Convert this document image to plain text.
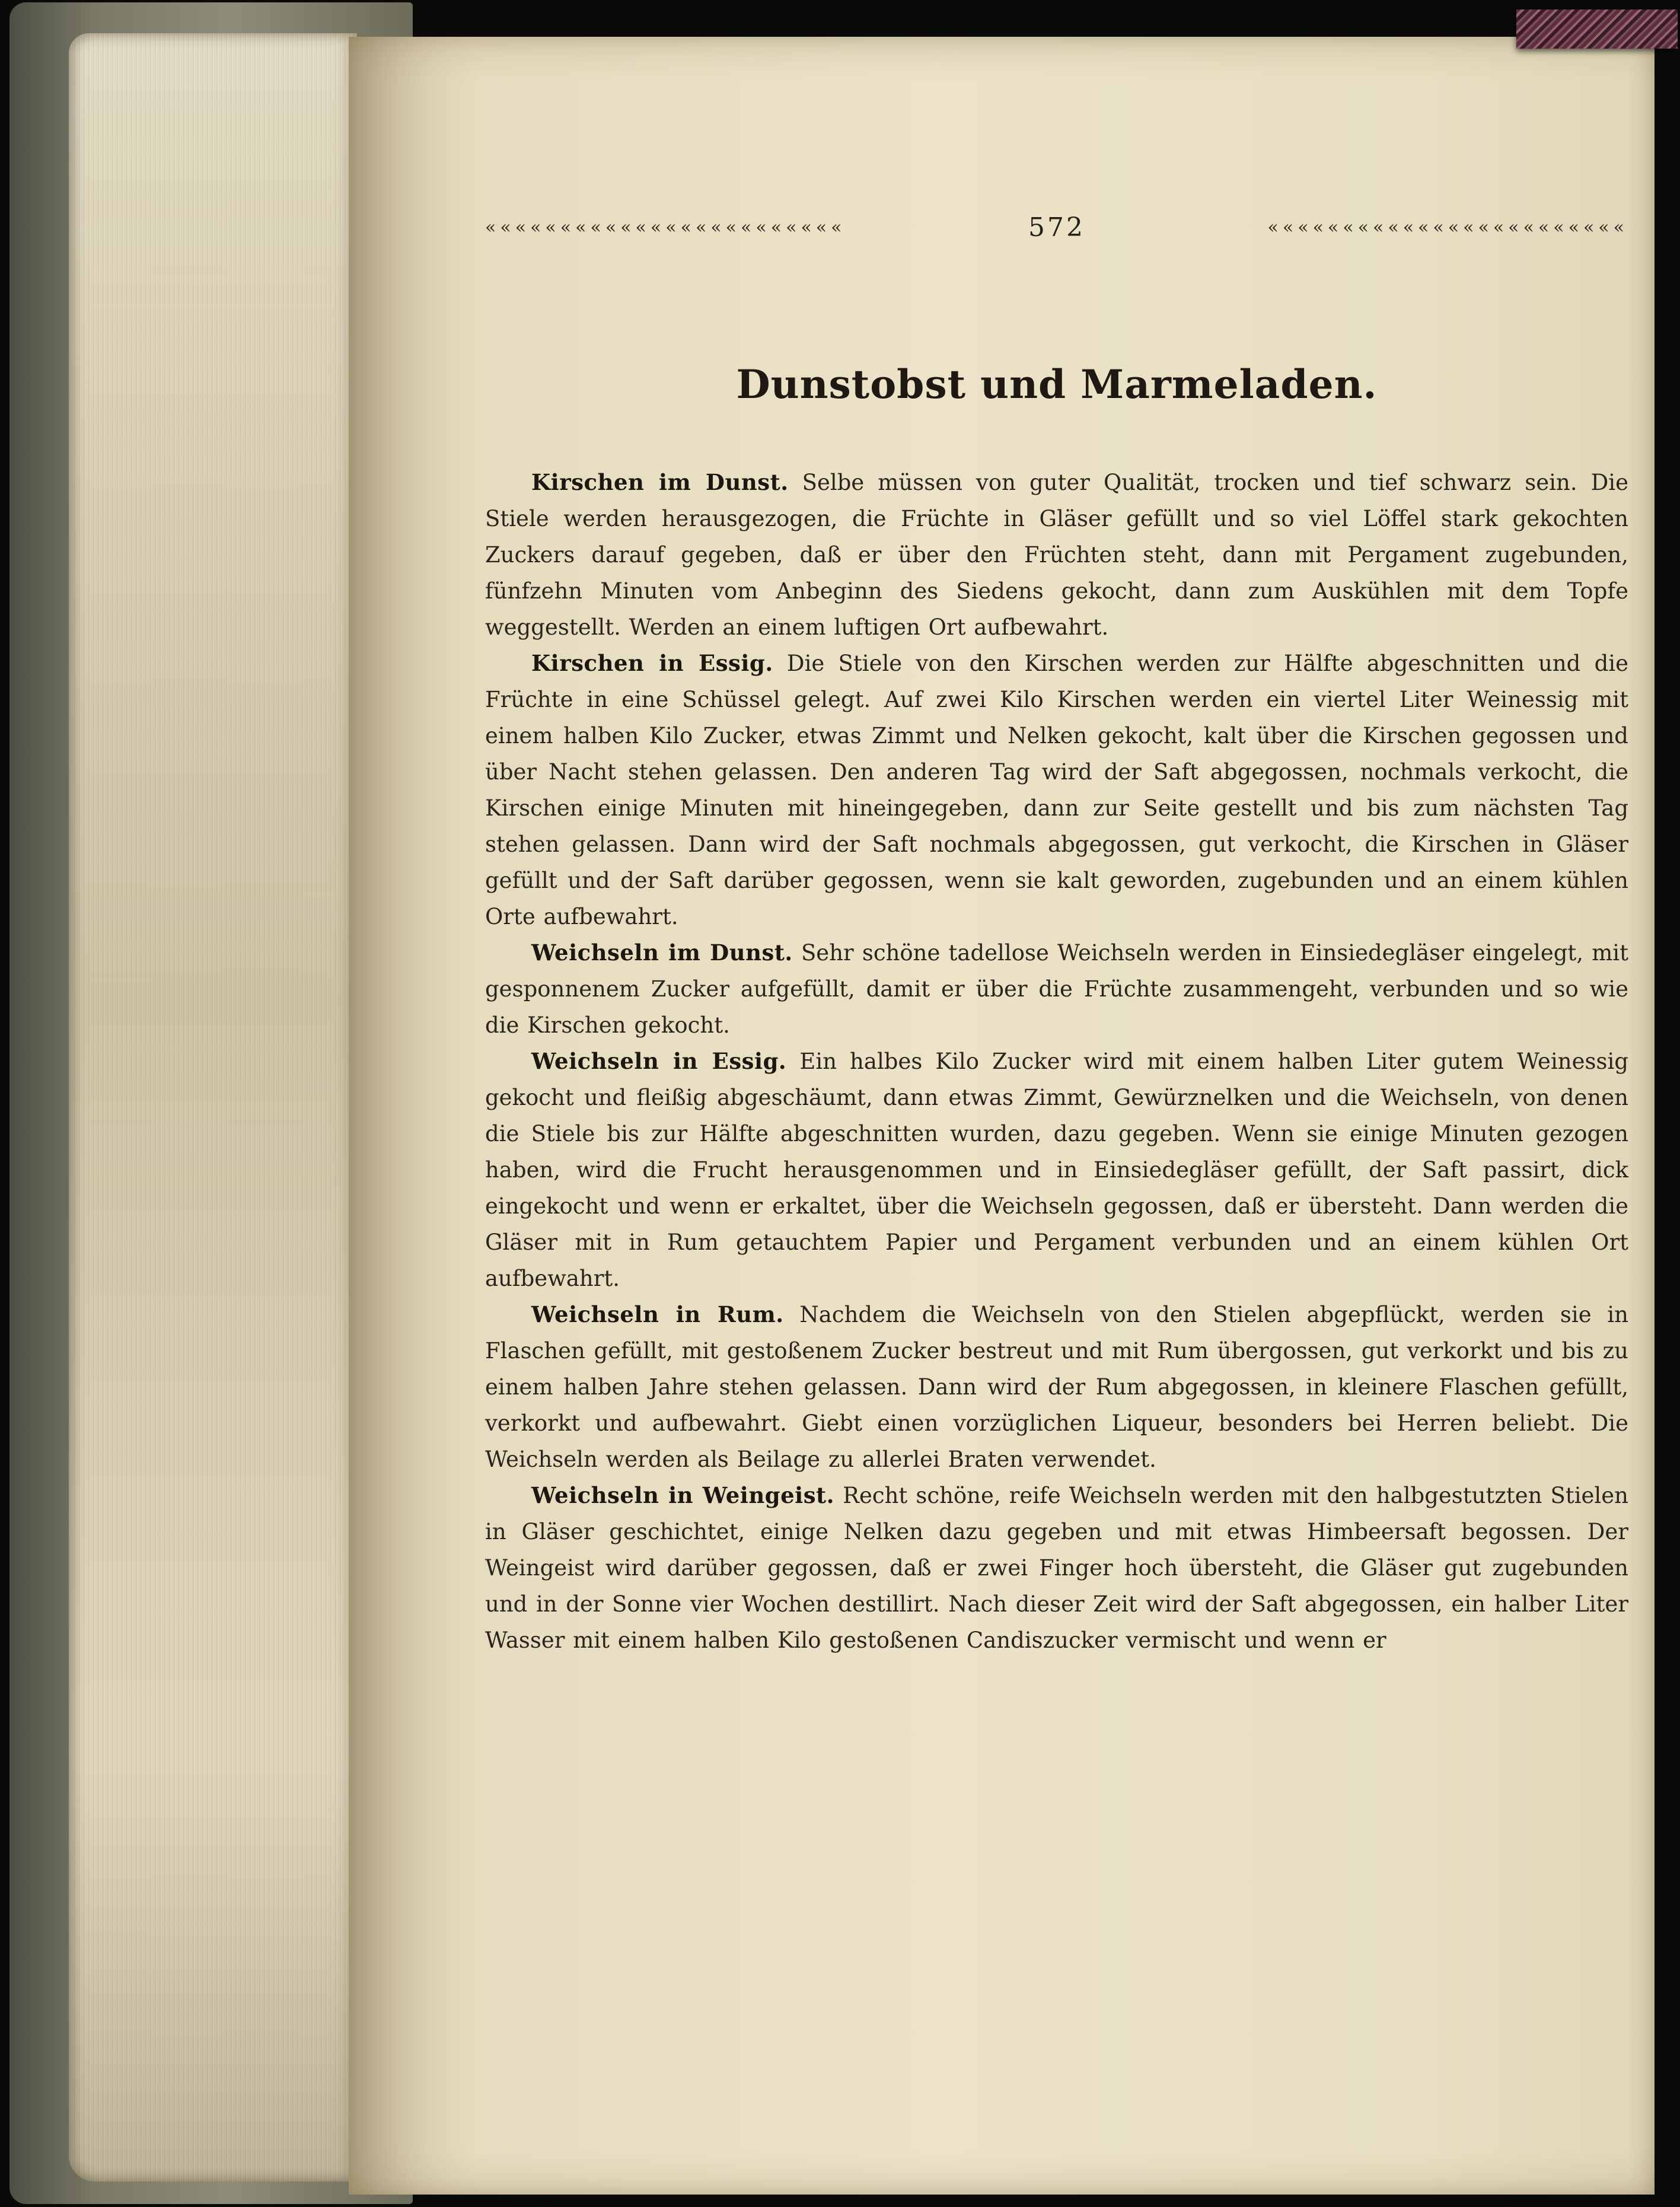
««««««««««««««««««««««««	572	««««««««««««««««««««««««
Dunstobst und Marmeladen.

Kirschen im Dunst. Selbe müssen von guter Qualität, trocken und tief schwarz sein. Die Stiele werden herausgezogen, die Früchte in Gläser gefüllt und so viel Löffel stark gekochten Zuckers darauf gegeben, daß er über den Früchten steht, dann mit Pergament zugebunden, fünfzehn Minuten vom Anbeginn des Siedens gekocht, dann zum Auskühlen mit dem Topfe weggestellt. Werden an einem luftigen Ort aufbewahrt.

Kirschen in Essig. Die Stiele von den Kirschen werden zur Hälfte abgeschnitten und die Früchte in eine Schüssel gelegt. Auf zwei Kilo Kirschen werden ein viertel Liter Weinessig mit einem halben Kilo Zucker, etwas Zimmt und Nelken gekocht, kalt über die Kirschen gegossen und über Nacht stehen gelassen. Den anderen Tag wird der Saft abgegossen, nochmals verkocht, die Kirschen einige Minuten mit hineingegeben, dann zur Seite gestellt und bis zum nächsten Tag stehen gelassen. Dann wird der Saft nochmals abgegossen, gut verkocht, die Kirschen in Gläser gefüllt und der Saft darüber gegossen, wenn sie kalt geworden, zugebunden und an einem kühlen Orte aufbewahrt.

Weichseln im Dunst. Sehr schöne tadellose Weichseln werden in Einsiedegläser eingelegt, mit gesponnenem Zucker aufgefüllt, damit er über die Früchte zusammengeht, verbunden und so wie die Kirschen gekocht.

Weichseln in Essig. Ein halbes Kilo Zucker wird mit einem halben Liter gutem Weinessig gekocht und fleißig abgeschäumt, dann etwas Zimmt, Gewürznelken und die Weichseln, von denen die Stiele bis zur Hälfte abgeschnitten wurden, dazu gegeben. Wenn sie einige Minuten gezogen haben, wird die Frucht herausgenommen und in Einsiedegläser gefüllt, der Saft passirt, dick eingekocht und wenn er erkaltet, über die Weichseln gegossen, daß er übersteht. Dann werden die Gläser mit in Rum getauchtem Papier und Pergament verbunden und an einem kühlen Ort aufbewahrt.

Weichseln in Rum. Nachdem die Weichseln von den Stielen abgepflückt, werden sie in Flaschen gefüllt, mit gestoßenem Zucker bestreut und mit Rum übergossen, gut verkorkt und bis zu einem halben Jahre stehen gelassen. Dann wird der Rum abgegossen, in kleinere Flaschen gefüllt, verkorkt und aufbewahrt. Giebt einen vorzüglichen Liqueur, besonders bei Herren beliebt. Die Weichseln werden als Beilage zu allerlei Braten verwendet.

Weichseln in Weingeist. Recht schöne, reife Weichseln werden mit den halbgestutzten Stielen in Gläser geschichtet, einige Nelken dazu gegeben und mit etwas Himbeersaft begossen. Der Weingeist wird darüber gegossen, daß er zwei Finger hoch übersteht, die Gläser gut zugebunden und in der Sonne vier Wochen destillirt. Nach dieser Zeit wird der Saft abgegossen, ein halber Liter Wasser mit einem halben Kilo gestoßenen Candiszucker vermischt und wenn er
